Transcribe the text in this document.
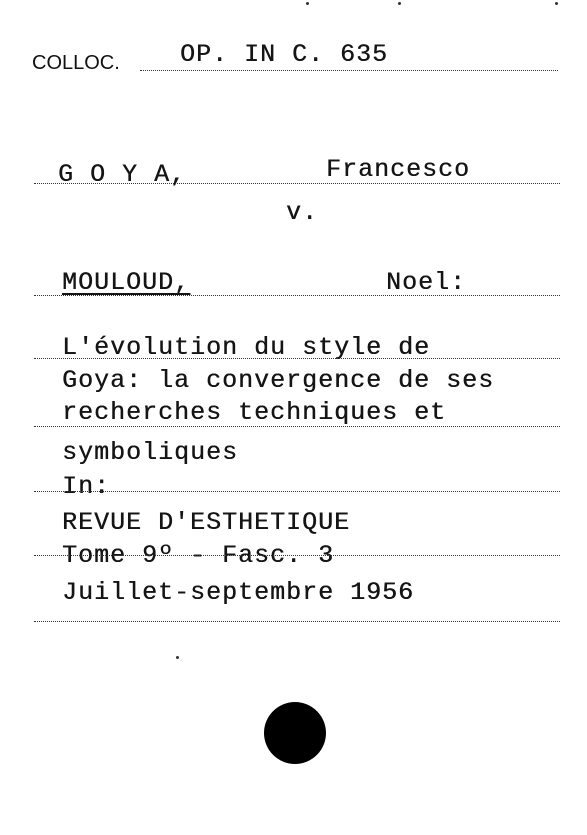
COLLOC. OP. IN C. 635
G O Y A,	Francesco
v.
MOULOUD,	Noel:
L'évolution du style de
Goya: la convergence de ses
recherches techniques et
symboliques
In:
REVUE D'ESTHETIQUE
Tome 9º - Fasc. 3
Juillet-septembre 1956
